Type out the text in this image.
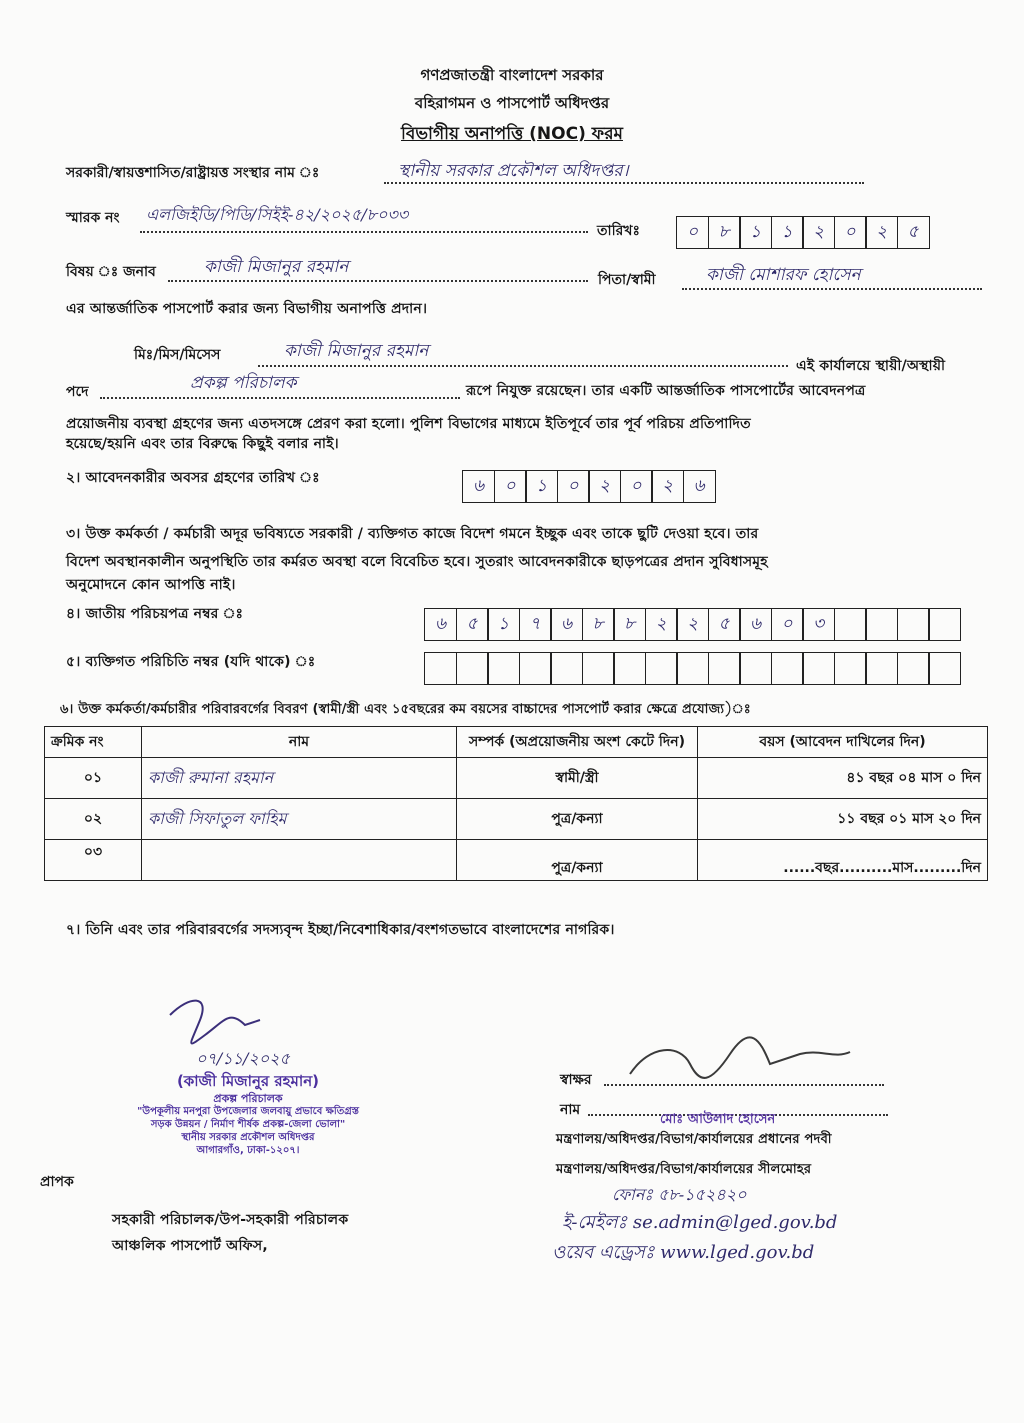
গণপ্রজাতন্ত্রী বাংলাদেশ সরকার
বহিরাগমন ও পাসপোর্ট অধিদপ্তর
বিভাগীয় অনাপত্তি (NOC) ফরম
সরকারী/স্বায়ত্তশাসিত/রাষ্ট্রায়ত্ত সংস্থার নাম ঃ	স্থানীয় সরকার প্রকৌশল অধিদপ্তর।
স্মারক নং এলজিইডি/পিডি/সিইই-৪২/২০২৫/৮০৩৩
তারিখঃ	০	৮	১	১	২	০	২	৫
বিষয় ঃ জনাব	কাজী মিজানুর রহমান
পিতা/স্বামী	কাজী মোশারফ হোসেন
এর আন্তর্জাতিক পাসপোর্ট করার জন্য বিভাগীয় অনাপত্তি প্রদান।
মিঃ/মিস/মিসেস	কাজী মিজানুর রহমান
এই কার্যালয়ে স্থায়ী/অস্থায়ী
পদে	প্রকল্প পরিচালক	রূপে নিযুক্ত রয়েছেন। তার একটি আন্তর্জাতিক পাসপোর্টের আবেদনপত্র
প্রয়োজনীয় ব্যবস্থা গ্রহণের জন্য এতদসঙ্গে প্রেরণ করা হলো। পুলিশ বিভাগের মাধ্যমে ইতিপূর্বে তার পূর্ব পরিচয় প্রতিপাদিত
হয়েছে/হয়নি এবং তার বিরুদ্ধে কিছুই বলার নাই।
২। আবেদনকারীর অবসর গ্রহণের তারিখ ঃ	৬	০	১	০	২	০	২	৬
৩। উক্ত কর্মকর্তা / কর্মচারী অদূর ভবিষ্যতে সরকারী / ব্যক্তিগত কাজে বিদেশ গমনে ইচ্ছুক এবং তাকে ছুটি দেওয়া হবে। তার
বিদেশ অবস্থানকালীন অনুপস্থিতি তার কর্মরত অবস্থা বলে বিবেচিত হবে। সুতরাং আবেদনকারীকে ছাড়পত্রের প্রদান সুবিধাসমূহ
অনুমোদনে কোন আপত্তি নাই।
৪। জাতীয় পরিচয়পত্র নম্বর ঃ	৬	৫	১	৭	৬	৮	৮	২	২	৫	৬	০	৩
৫। ব্যক্তিগত পরিচিতি নম্বর (যদি থাকে) ঃ
৬। উক্ত কর্মকর্তা/কর্মচারীর পরিবারবর্গের বিবরণ (স্বামী/স্ত্রী এবং ১৫বছরের কম বয়সের বাচ্চাদের পাসপোর্ট করার ক্ষেত্রে প্রযোজ্য)ঃ
ক্রমিক নং	নাম	সম্পর্ক (অপ্রয়োজনীয় অংশ কেটে দিন)	বয়স (আবেদন দাখিলের দিন)
০১	কাজী রুমানা রহমান	স্বামী/স্ত্রী	৪১ বছর ০৪ মাস ০ দিন
০২	কাজী সিফাতুল ফাহিম	পুত্র/কন্যা	১১ বছর ০১ মাস ২০ দিন
০৩		পুত্র/কন্যা	......বছর..........মাস.........দিন
৭। তিনি এবং তার পরিবারবর্গের সদস্যবৃন্দ ইচ্ছা/নিবেশাধিকার/বংশগতভাবে বাংলাদেশের নাগরিক।
০৭/১১/২০২৫
(কাজী মিজানুর রহমান)
প্রকল্প পরিচালক
"উপকূলীয় মনপুরা উপজেলার জলবায়ু প্রভাবে ক্ষতিগ্রস্ত
সড়ক উন্নয়ন / নির্মাণ শীর্ষক প্রকল্প-জেলা ভোলা"
স্থানীয় সরকার প্রকৌশল অধিদপ্তর
আগারগাঁও, ঢাকা-১২০৭।
প্রাপক
সহকারী পরিচালক/উপ-সহকারী পরিচালক
আঞ্চলিক পাসপোর্ট অফিস,
স্বাক্ষর
নাম
মোঃ আউলাদ হোসেন
মন্ত্রণালয়/অধিদপ্তর/বিভাগ/কার্যালয়ের প্রধানের পদবী
মন্ত্রণালয়/অধিদপ্তর/বিভাগ/কার্যালয়ের সীলমোহর
ফোনঃ ৫৮-১৫২৪২০
ই-মেইলঃ se.admin@lged.gov.bd
ওয়েব এড্রেসঃ www.lged.gov.bd
